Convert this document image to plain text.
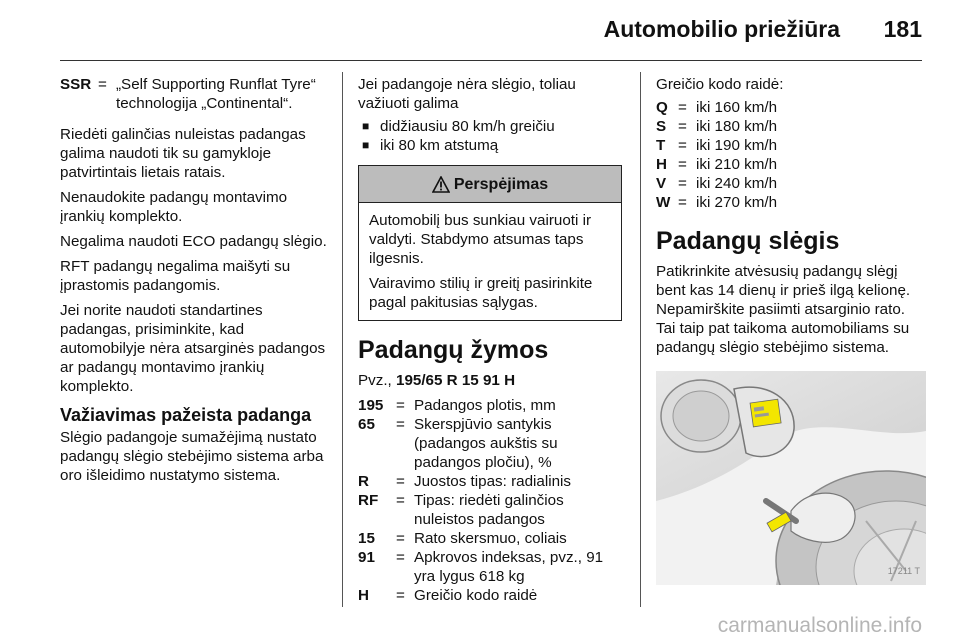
Automobilio priežiūra 181
SSR = „Self Supporting Runflat Tyre“ technologija „Continental“.

Riedėti galinčias nuleistas padangas galima naudoti tik su gamykloje patvirtintais lietais ratais.

Nenaudokite padangų montavimo įrankių komplekto.

Negalima naudoti ECO padangų slėgio.

RFT padangų negalima maišyti su įprastomis padangomis.

Jei norite naudoti standartines padangas, prisiminkite, kad automobilyje nėra atsarginės padangos ar padangų montavimo įrankių komplekto.

Važiavimas pažeista padanga

Slėgio padangoje sumažėjimą nustato padangų slėgio stebėjimo sistema arba oro išleidimo nustatymo sistema.

Jei padangoje nėra slėgio, toliau važiuoti galima

■ didžiausiu 80 km/h greičiu
■ iki 80 km atstumą
Perspėjimas

Automobilį bus sunkiau vairuoti ir valdyti. Stabdymo atsumas taps ilgesnis.

Vairavimo stilių ir greitį pasirinkite pagal pakitusias sąlygas.

Padangų žymos
Pvz., 195/65 R 15 91 H
195 = Padangos plotis, mm
65	= Skerspjūvio santykis (padangos aukštis su padangos pločiu), %
R	= Juostos tipas: radialinis
RF	= Tipas: riedėti galinčios nuleistos padangos
15	= Rato skersmuo, coliais
91	= Apkrovos indeksas, pvz., 91 yra lygus 618 kg
H	= Greičio kodo raidė

Greičio kodo raidė:

Q = iki 160 km/h
S = iki 180 km/h
T = iki 190 km/h
H = iki 210 km/h
V = iki 240 km/h
W = iki 270 km/h
Padangų slėgis

Patikrinkite atvėsusių padangų slėgį bent kas 14 dienų ir prieš ilgą kelionę. Nepamirškite pasiimti atsarginio rato. Tai taip pat taikoma automobiliams su padangų slėgio stebėjimo sistema.

17211 T
carmanualsonline.info
